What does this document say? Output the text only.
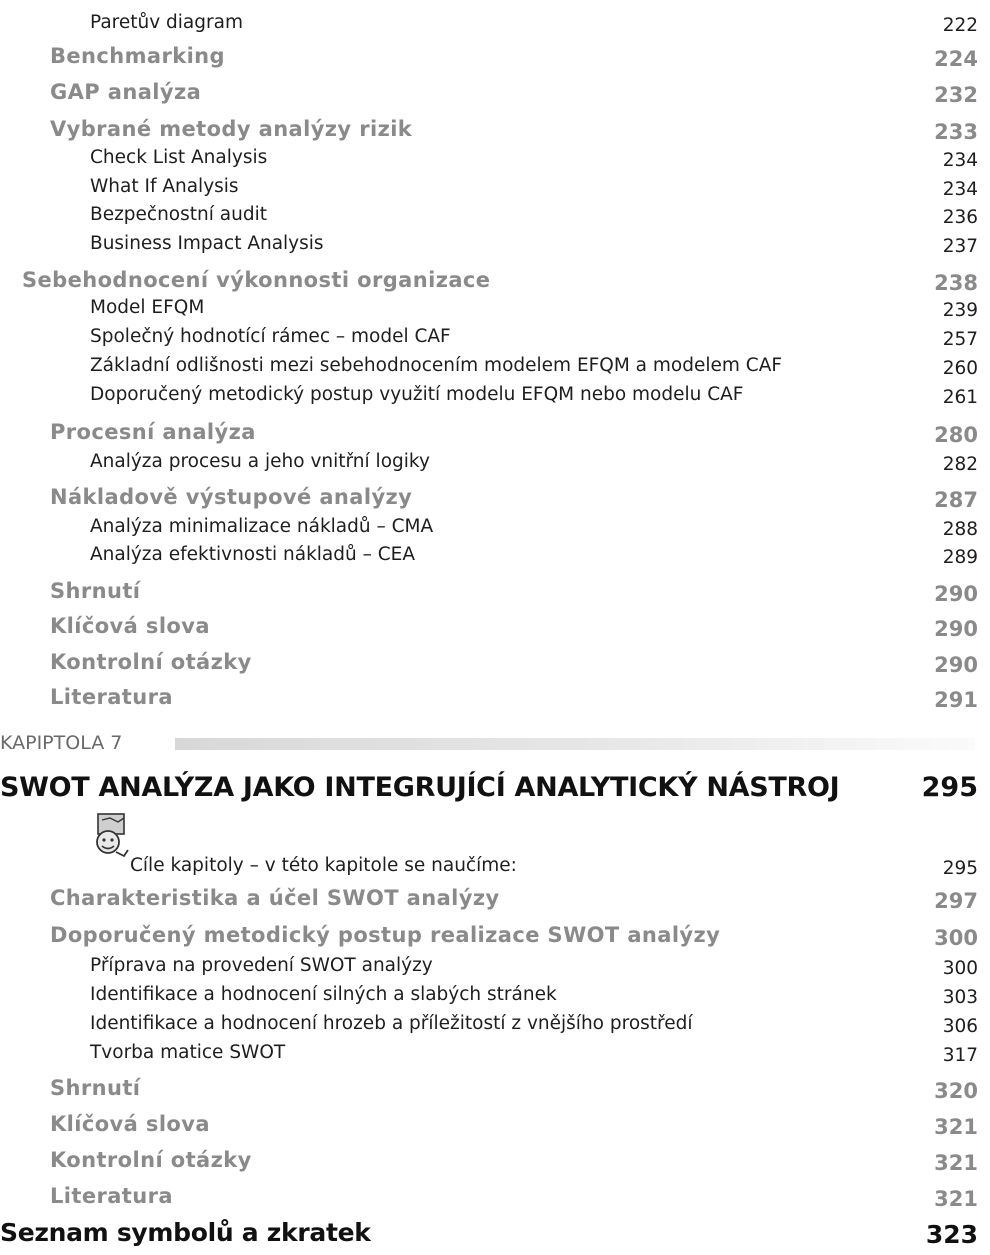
Paretův diagram	222
Benchmarking	224
GAP analýza	232
Vybrané metody analýzy rizik	233
Check List Analysis	234
What If Analysis	234
Bezpečnostní audit	236
Business Impact Analysis	237
Sebehodnocení výkonnosti organizace	238
Model EFQM	239
Společný hodnotící rámec – model CAF	257
Základní odlišnosti mezi sebehodnocením modelem EFQM a modelem CAF	260
Doporučený metodický postup využití modelu EFQM nebo modelu CAF	261
Procesní analýza	280
Analýza procesu a jeho vnitřní logiky	282
Nákladově výstupové analýzy	287
Analýza minimalizace nákladů – CMA	288
Analýza efektivnosti nákladů – CEA	289
Shrnutí	290
Klíčová slova	290
Kontrolní otázky	290
Literatura	291
KAPIPTOLA 7
SWOT ANALÝZA JAKO INTEGRUJÍCÍ ANALYTICKÝ NÁSTROJ	295
Cíle kapitoly – v této kapitole se naučíme:	295
Charakteristika a účel SWOT analýzy	297
Doporučený metodický postup realizace SWOT analýzy	300
Příprava na provedení SWOT analýzy	300
Identifikace a hodnocení silných a slabých stránek	303
Identifikace a hodnocení hrozeb a příležitostí z vnějšího prostředí	306
Tvorba matice SWOT	317
Shrnutí	320
Klíčová slova	321
Kontrolní otázky	321
Literatura	321
Seznam symbolů a zkratek	323
